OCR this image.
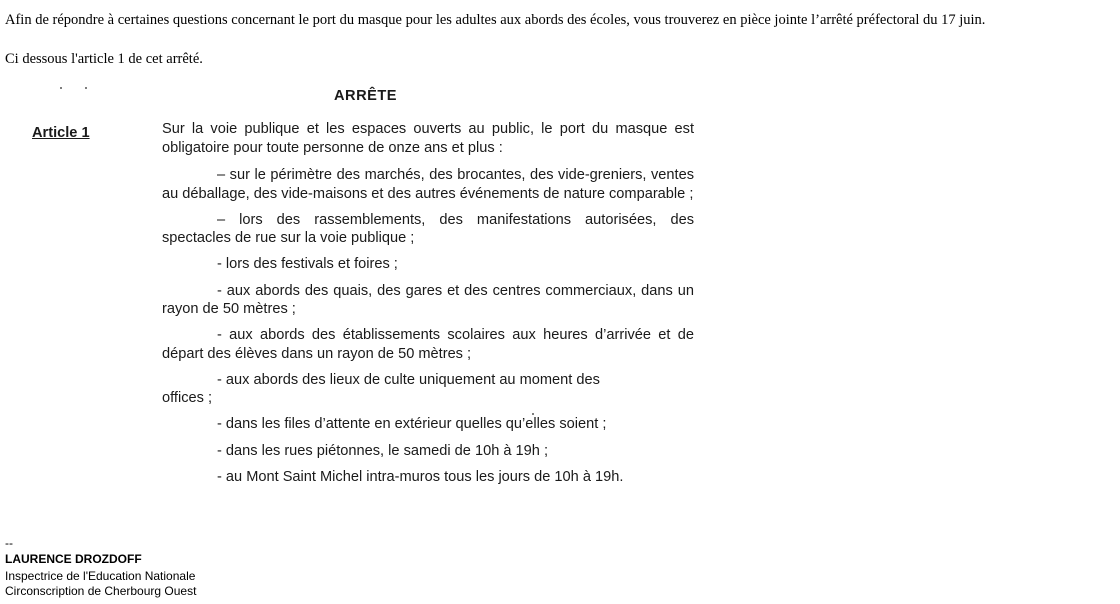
Afin de répondre à certaines questions concernant le port du masque pour les adultes aux abords des écoles, vous trouverez en pièce jointe l’arrêté préfectoral du 17 juin.
Ci dessous l'article 1 de cet arrêté.
ARRÊTE
Article 1	Sur la voie publique et les espaces ouverts au public, le port du masque est obligatoire pour toute personne de onze ans et plus :

– sur le périmètre des marchés, des brocantes, des vide-greniers, ventes au déballage, des vide-maisons et des autres événements de nature comparable ;

– lors des rassemblements, des manifestations autorisées, des spectacles de rue sur la voie publique ;

- lors des festivals et foires ;

- aux abords des quais, des gares et des centres commerciaux, dans un rayon de 50 mètres ;

- aux abords des établissements scolaires aux heures d’arrivée et de départ des élèves dans un rayon de 50 mètres ;

- aux abords des lieux de culte uniquement au moment des offices ;

- dans les files d’attente en extérieur quelles qu’elles soient ;

- dans les rues piétonnes, le samedi de 10h à 19h ;

- au Mont Saint Michel intra-muros tous les jours de 10h à 19h.

--
LAURENCE DROZDOFF
Inspectrice de l'Education Nationale
Circonscription de Cherbourg Ouest
